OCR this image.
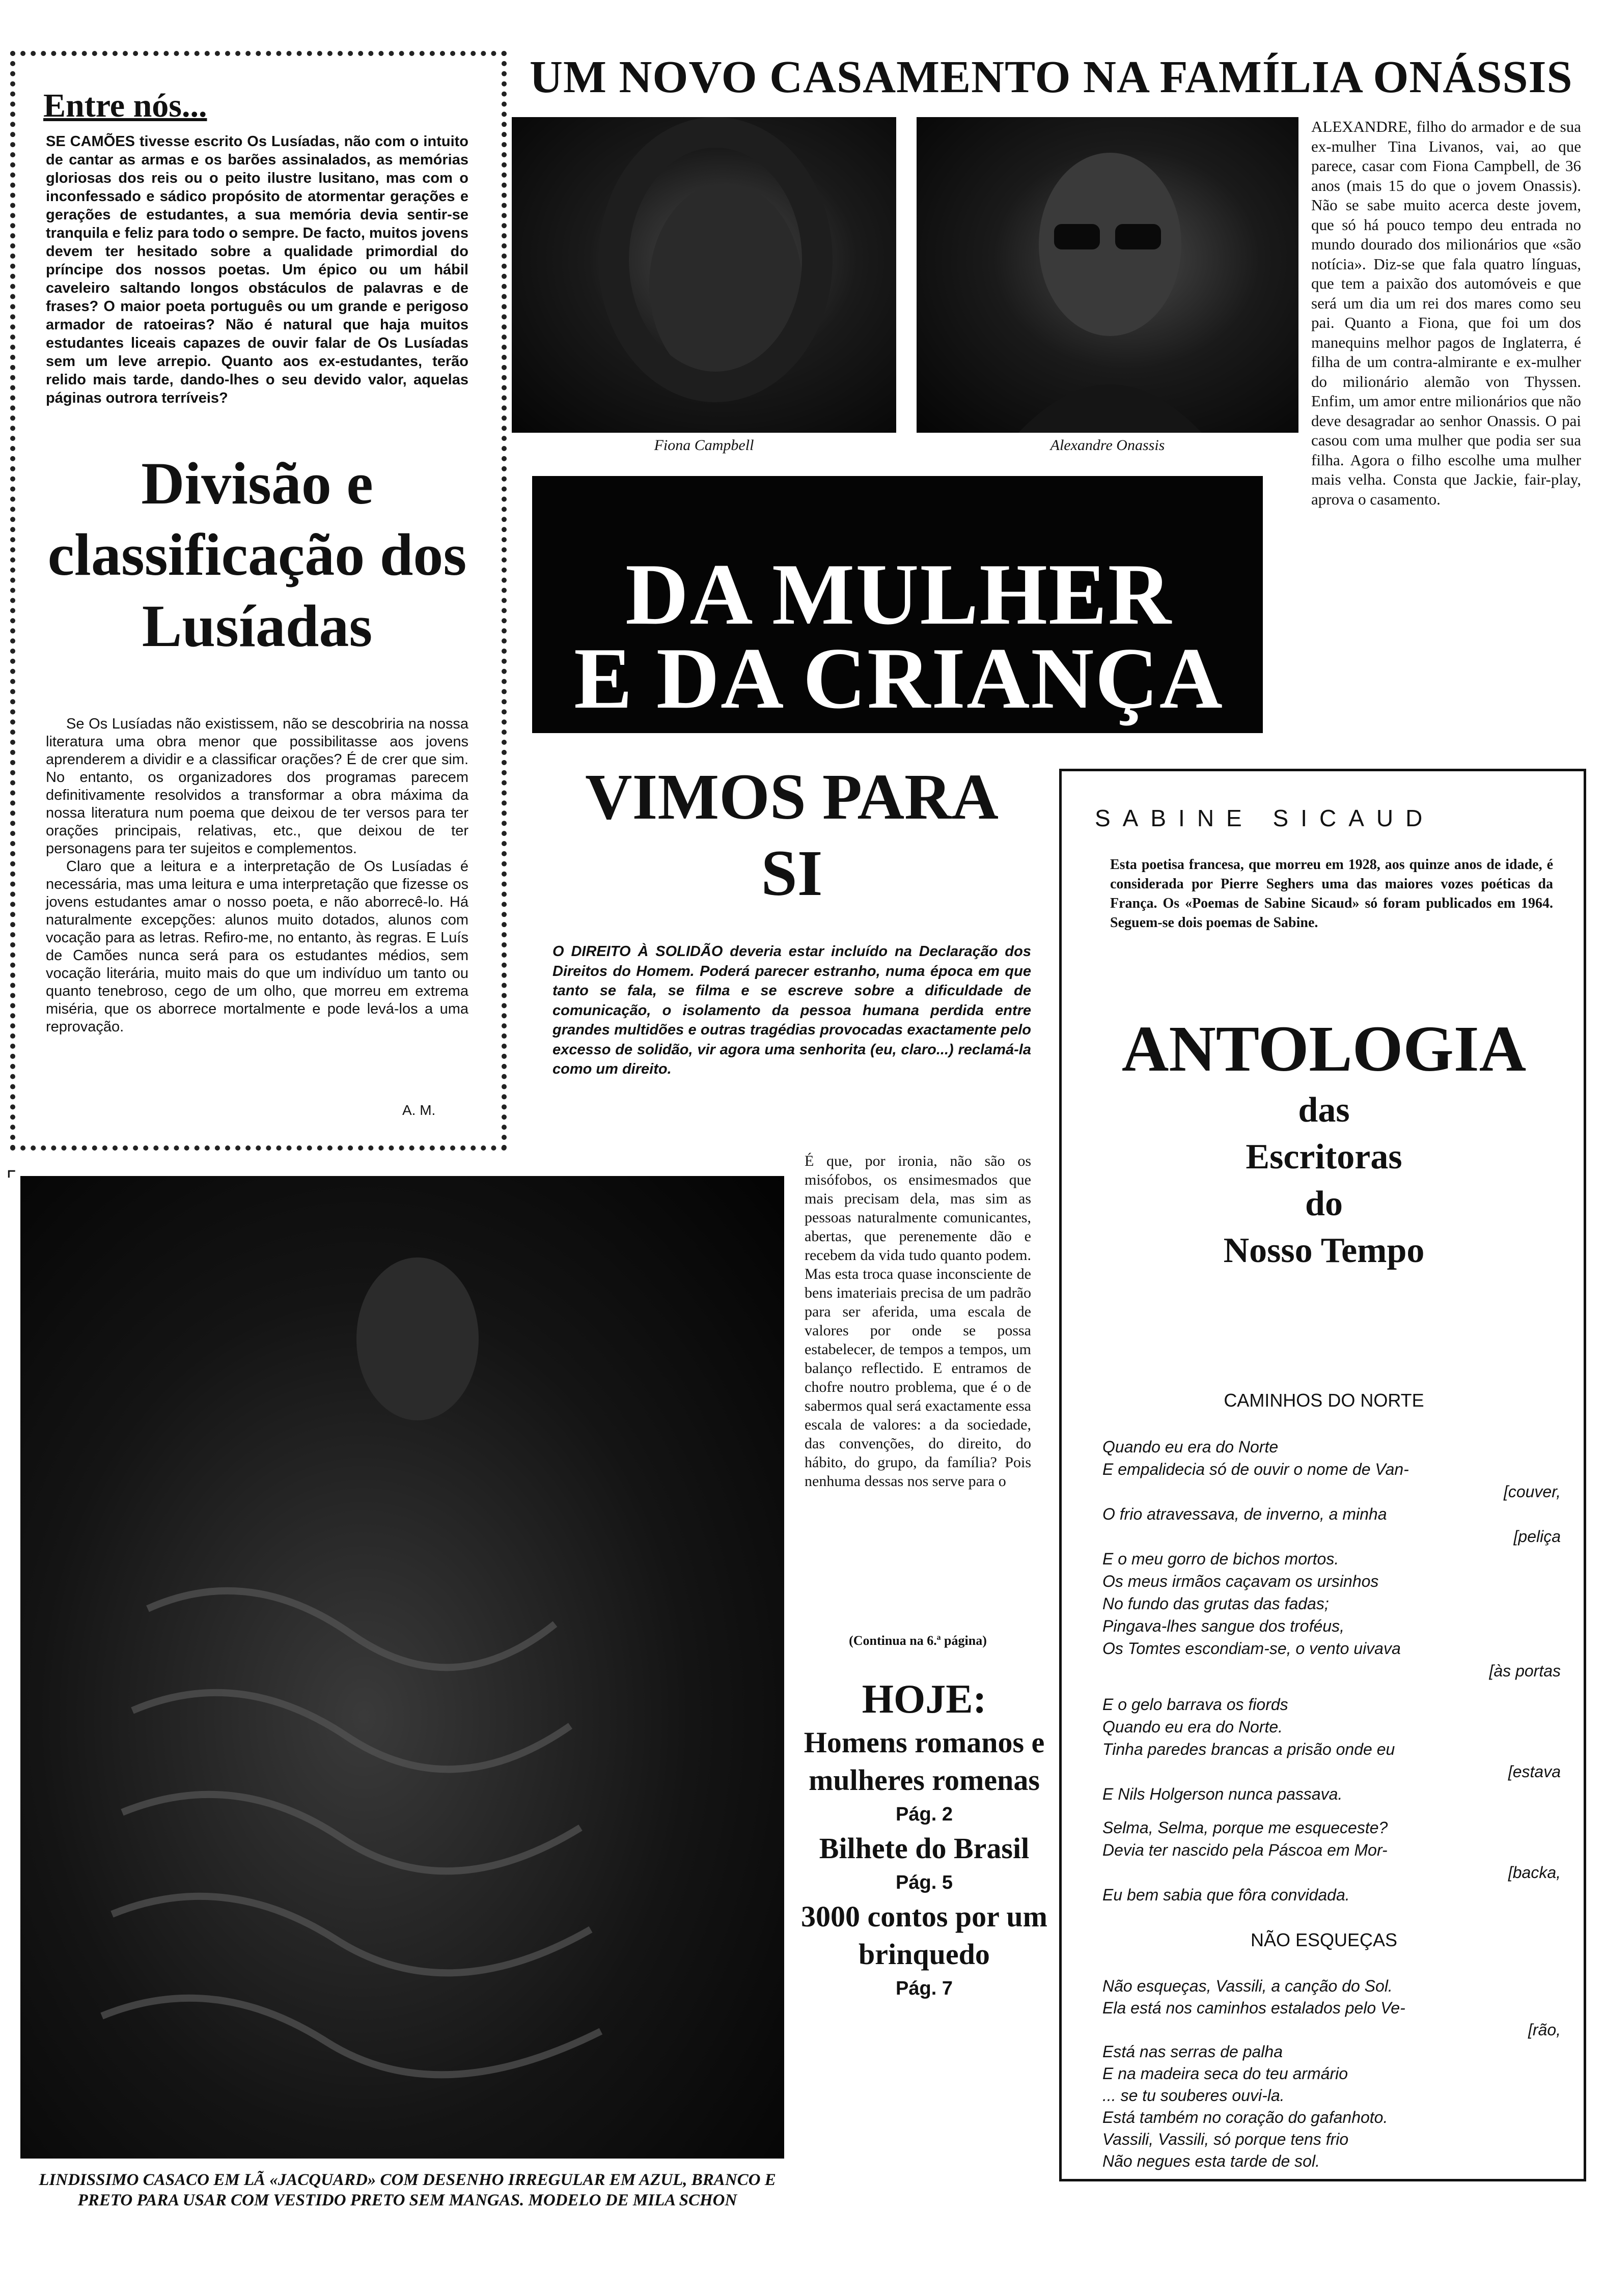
Entre nós...

SE CAMÕES tivesse escrito Os Lusíadas, não com o intuito de cantar as armas e os barões assinalados, as memórias gloriosas dos reis ou o peito ilustre lusitano, mas com o inconfessado e sádico propósito de atormentar gerações e gerações de estudantes, a sua memória devia sentir-se tranquila e feliz para todo o sempre. De facto, muitos jovens devem ter hesitado sobre a qualidade primordial do príncipe dos nossos poetas. Um épico ou um hábil caveleiro saltando longos obstáculos de palavras e de frases? O maior poeta português ou um grande e perigoso armador de ratoeiras? Não é natural que haja muitos estudantes liceais capazes de ouvir falar de Os Lusíadas sem um leve arrepio. Quanto aos ex-estudantes, terão relido mais tarde, dando-lhes o seu devido valor, aquelas páginas outrora terríveis?

Divisão e classificação dos Lusíadas

Se Os Lusíadas não existissem, não se descobriria na nossa literatura uma obra menor que possibilitasse aos jovens aprenderem a dividir e a classificar orações? É de crer que sim. No entanto, os organizadores dos programas parecem definitivamente resolvidos a transformar a obra máxima da nossa literatura num poema que deixou de ter versos para ter orações principais, relativas, etc., que deixou de ter personagens para ter sujeitos e complementos.

Claro que a leitura e a interpretação de Os Lusíadas é necessária, mas uma leitura e uma interpretação que fizesse os jovens estudantes amar o nosso poeta, e não aborrecê-lo. Há naturalmente excepções: alunos muito dotados, alunos com vocação para as letras. Refiro-me, no entanto, às regras. E Luís de Camões nunca será para os estudantes médios, sem vocação literária, muito mais do que um indivíduo um tanto ou quanto tenebroso, cego de um olho, que morreu em extrema miséria, que os aborrece mortalmente e pode levá-los a uma reprovação.

A. M.
⌜
UM NOVO CASAMENTO NA FAMÍLIA ONÁSSIS
Fiona Campbell	Alexandre Onassis

ALEXANDRE, filho do armador e de sua ex-mulher Tina Livanos, vai, ao que parece, casar com Fiona Campbell, de 36 anos (mais 15 do que o jovem Onassis). Não se sabe muito acerca deste jovem, que só há pouco tempo deu entrada no mundo dourado dos milionários que «são notícia». Diz-se que fala quatro línguas, que tem a paixão dos automóveis e que será um dia um rei dos mares como seu pai. Quanto a Fiona, que foi um dos manequins melhor pagos de Inglaterra, é filha de um contra-almirante e ex-mulher do milionário alemão von Thyssen. Enfim, um amor entre milionários que não deve desagradar ao senhor Onassis. O pai casou com uma mulher que podia ser sua filha. Agora o filho escolhe uma mulher mais velha. Consta que Jackie, fair-play, aprova o casamento.

DA MULHER
E DA CRIANÇA
VIMOS PARA SI

O DIREITO À SOLIDÃO deveria estar incluído na Declaração dos Direitos do Homem. Poderá parecer estranho, numa época em que tanto se fala, se filma e se escreve sobre a dificuldade de comunicação, o isolamento da pessoa humana perdida entre grandes multidões e outras tragédias provocadas exactamente pelo excesso de solidão, vir agora uma senhorita (eu, claro...) reclamá-la como um direito.

É que, por ironia, não são os misófobos, os ensimesmados que mais precisam dela, mas sim as pessoas naturalmente comunicantes, abertas, que perenemente dão e recebem da vida tudo quanto podem. Mas esta troca quase inconsciente de bens imateriais precisa de um padrão para ser aferida, uma escala de valores por onde se possa estabelecer, de tempos a tempos, um balanço reflectido. E entramos de chofre noutro problema, que é o de sabermos qual será exactamente essa escala de valores: a da sociedade, das convenções, do direito, do hábito, do grupo, da família? Pois nenhuma dessas nos serve para o

(Continua na 6.ª página)
LINDISSIMO CASACO EM LÃ «JACQUARD» COM DESENHO IRREGULAR EM AZUL, BRANCO E PRETO PARA USAR COM VESTIDO PRETO SEM MANGAS. MODELO DE MILA SCHON
HOJE:
Homens romanos e mulheres romenas
Pág. 2
Bilhete do Brasil
Pág. 5
3000 contos por um brinquedo
Pág. 7
SABINE SICAUD

Esta poetisa francesa, que morreu em 1928, aos quinze anos de idade, é considerada por Pierre Seghers uma das maiores vozes poéticas da França. Os «Poemas de Sabine Sicaud» só foram publicados em 1964. Seguem-se dois poemas de Sabine.

ANTOLOGIA
das
Escritoras
do
Nosso Tempo
CAMINHOS DO NORTE
Quando eu era do Norte
E empalidecia só de ouvir o nome de Van-
[couver,
O frio atravessava, de inverno, a minha
[peliça
E o meu gorro de bichos mortos.
Os meus irmãos caçavam os ursinhos
No fundo das grutas das fadas;
Pingava-lhes sangue dos troféus,
Os Tomtes escondiam-se, o vento uivava
[às portas
E o gelo barrava os fiords
Quando eu era do Norte.
Tinha paredes brancas a prisão onde eu
[estava
E Nils Holgerson nunca passava.
Selma, Selma, porque me esqueceste?
Devia ter nascido pela Páscoa em Mor-
[backa,
Eu bem sabia que fôra convidada.
NÃO ESQUEÇAS
Não esqueças, Vassili, a canção do Sol.
Ela está nos caminhos estalados pelo Ve-
[rão,
Está nas serras de palha
E na madeira seca do teu armário
... se tu souberes ouvi-la.
Está também no coração do gafanhoto.
Vassili, Vassili, só porque tens frio
Não negues esta tarde de sol.
